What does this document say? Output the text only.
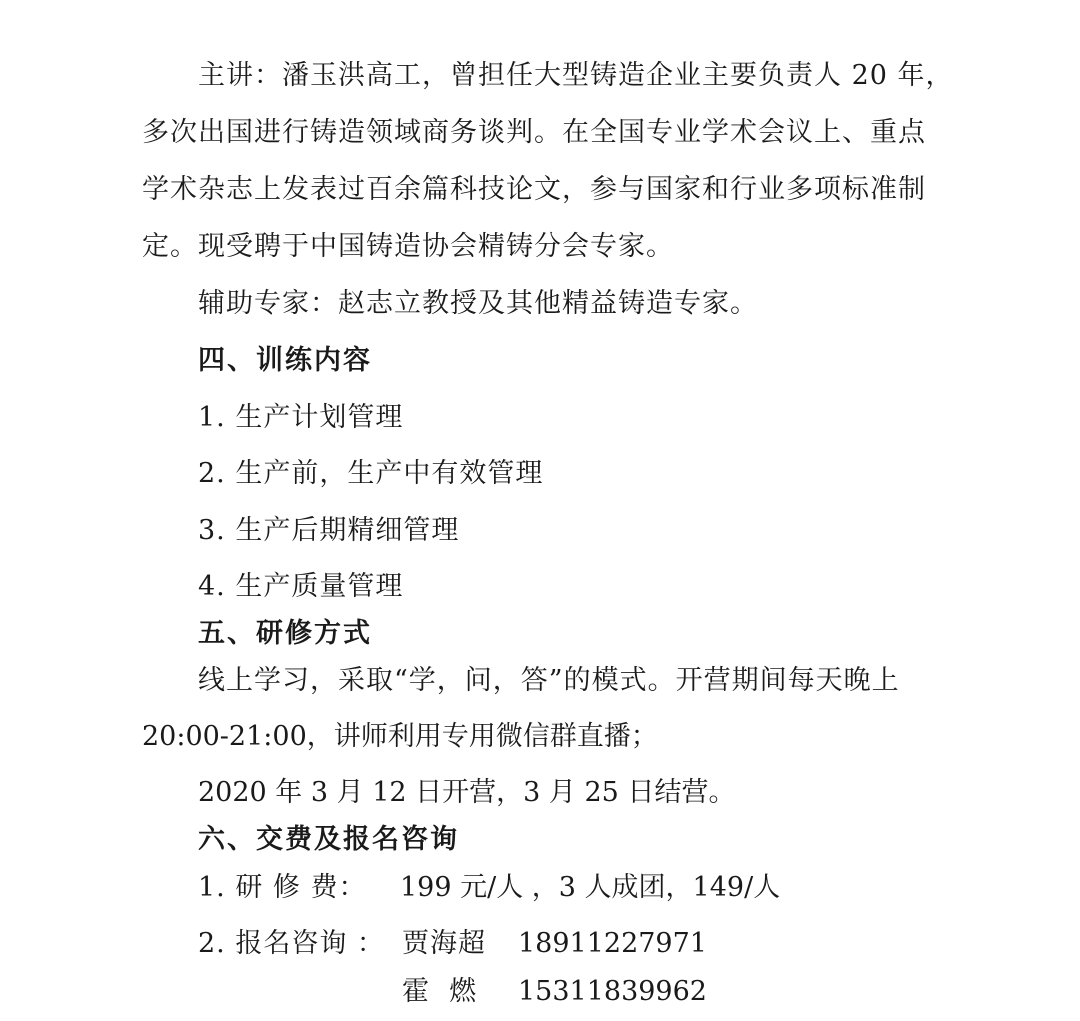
主讲：潘玉洪高工，曾担任大型铸造企业主要负责人 20 年，
多次出国进行铸造领域商务谈判。在全国专业学术会议上、重点
学术杂志上发表过百余篇科技论文，参与国家和行业多项标准制
定。现受聘于中国铸造协会精铸分会专家。
辅助专家：赵志立教授及其他精益铸造专家。
四、训练内容
1. 生产计划管理
2. 生产前，生产中有效管理
3. 生产后期精细管理
4. 生产质量管理
五、研修方式
线上学习，采取“学，问，答”的模式。开营期间每天晚上
20:00-21:00，讲师利用专用微信群直播；
2020 年 3 月 12 日开营，3 月 25 日结营。
六、交费及报名咨询
1. 研 修 费： 199 元/人 ，3 人成团，149/人
2. 报名咨询 ： 贾海超 18911227971
霍  燃 15311839962
